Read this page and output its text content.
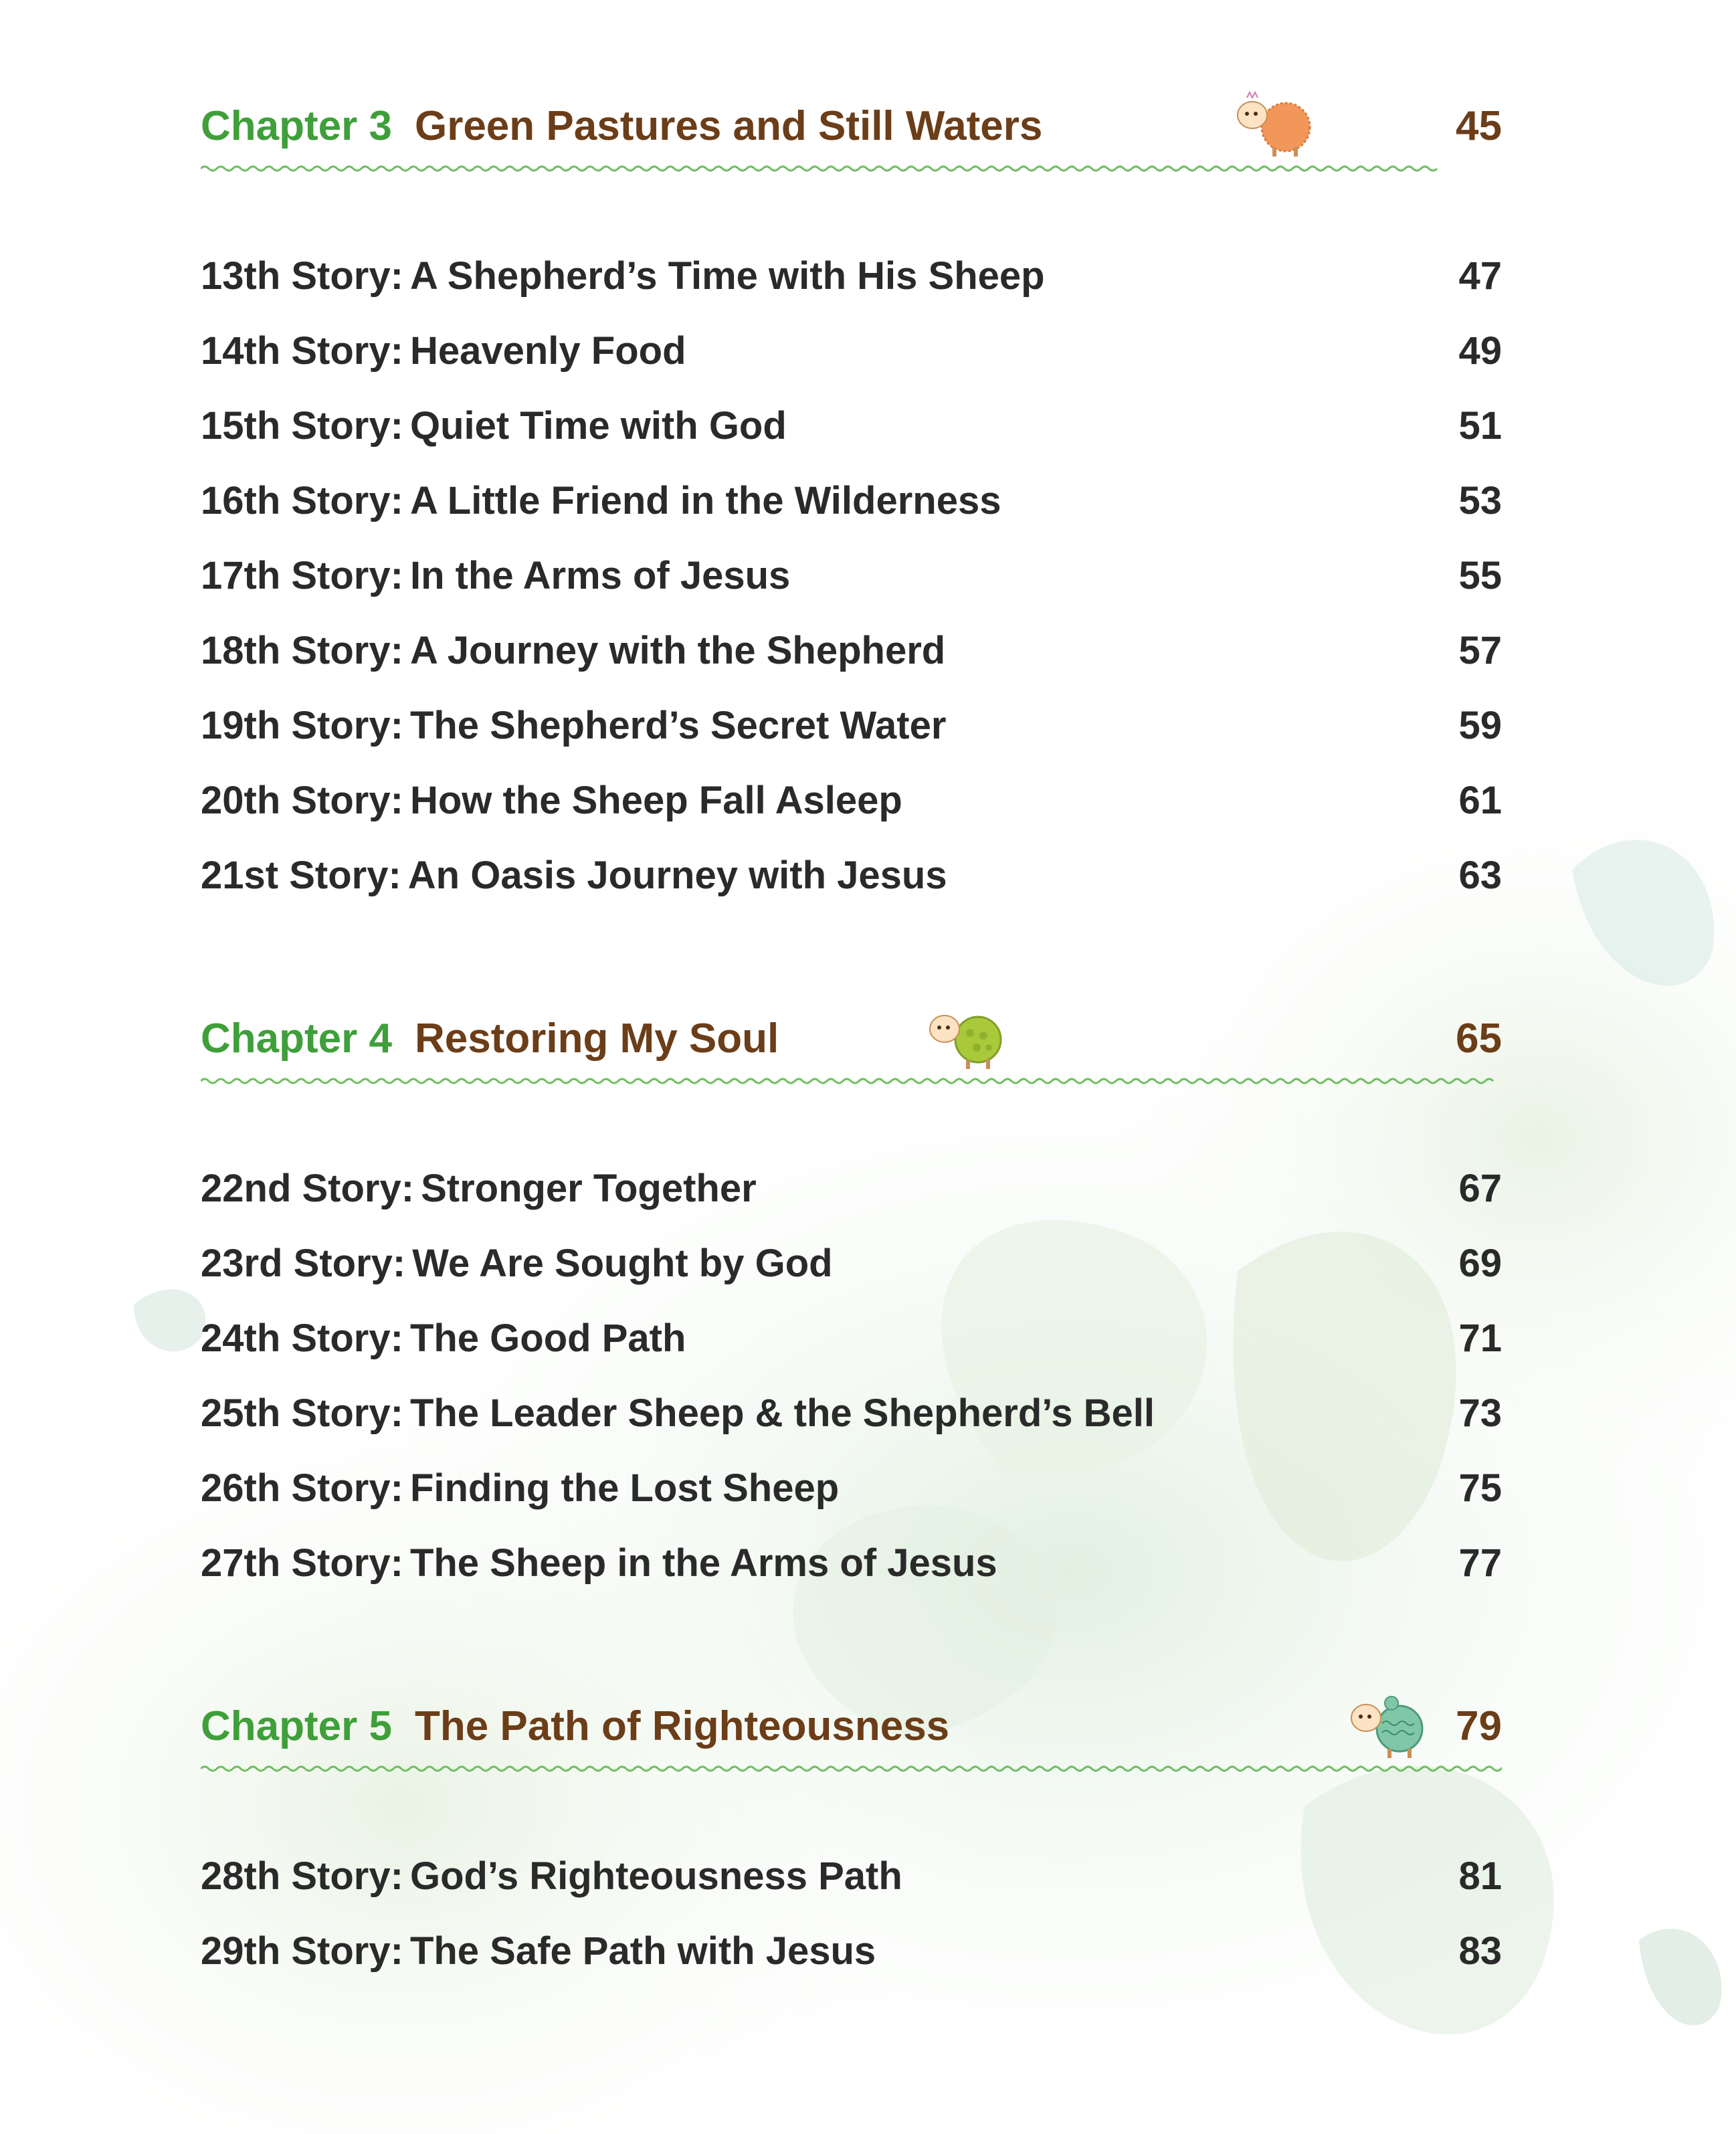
Chapter 3 Green Pastures and Still Waters	45
13th Story: A Shepherd’s Time with His Sheep	47
14th Story: Heavenly Food	49
15th Story: Quiet Time with God	51
16th Story: A Little Friend in the Wilderness	53
17th Story: In the Arms of Jesus	55
18th Story: A Journey with the Shepherd	57
19th Story: The Shepherd’s Secret Water	59
20th Story: How the Sheep Fall Asleep	61
21st Story: An Oasis Journey with Jesus	63
Chapter 4 Restoring My Soul	65
22nd Story: Stronger Together	67
23rd Story: We Are Sought by God	69
24th Story: The Good Path	71
25th Story: The Leader Sheep & the Shepherd’s Bell	73
26th Story: Finding the Lost Sheep	75
27th Story: The Sheep in the Arms of Jesus	77
Chapter 5 The Path of Righteousness	79
28th Story: God’s Righteousness Path	81
29th Story: The Safe Path with Jesus	83
